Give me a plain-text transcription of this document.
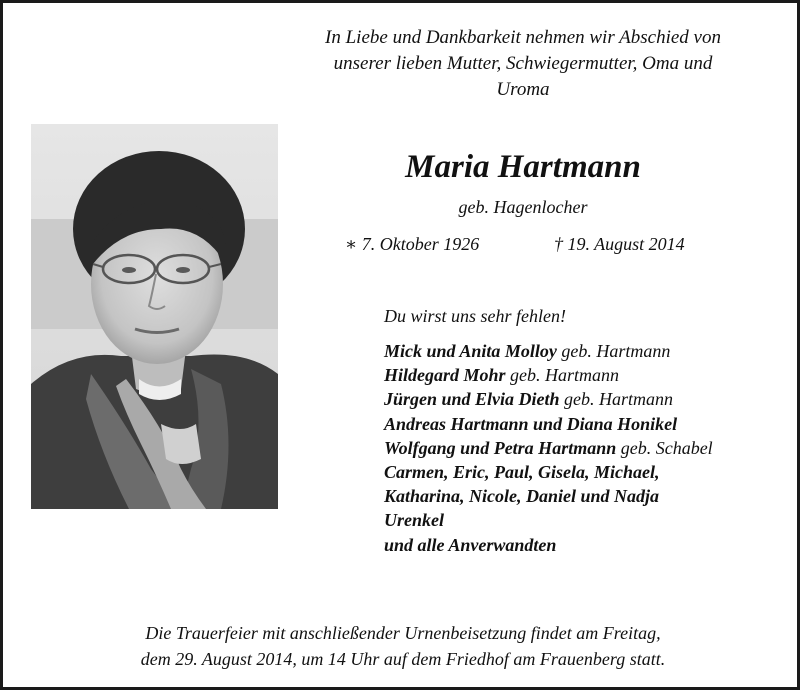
In Liebe und Dankbarkeit nehmen wir Abschied von
unserer lieben Mutter, Schwiegermutter, Oma und
Uroma
Maria Hartmann
geb. Hagenlocher
∗ 7. Oktober 1926	† 19. August 2014
Du wirst uns sehr fehlen!
Mick und Anita Molloy geb. Hartmann
Hildegard Mohr geb. Hartmann
Jürgen und Elvia Dieth geb. Hartmann
Andreas Hartmann und Diana Honikel
Wolfgang und Petra Hartmann geb. Schabel
Carmen, Eric, Paul, Gisela, Michael,
Katharina, Nicole, Daniel und Nadja
Urenkel
und alle Anverwandten
Die Trauerfeier mit anschließender Urnenbeisetzung findet am Freitag,
dem 29. August 2014, um 14 Uhr auf dem Friedhof am Frauenberg statt.
